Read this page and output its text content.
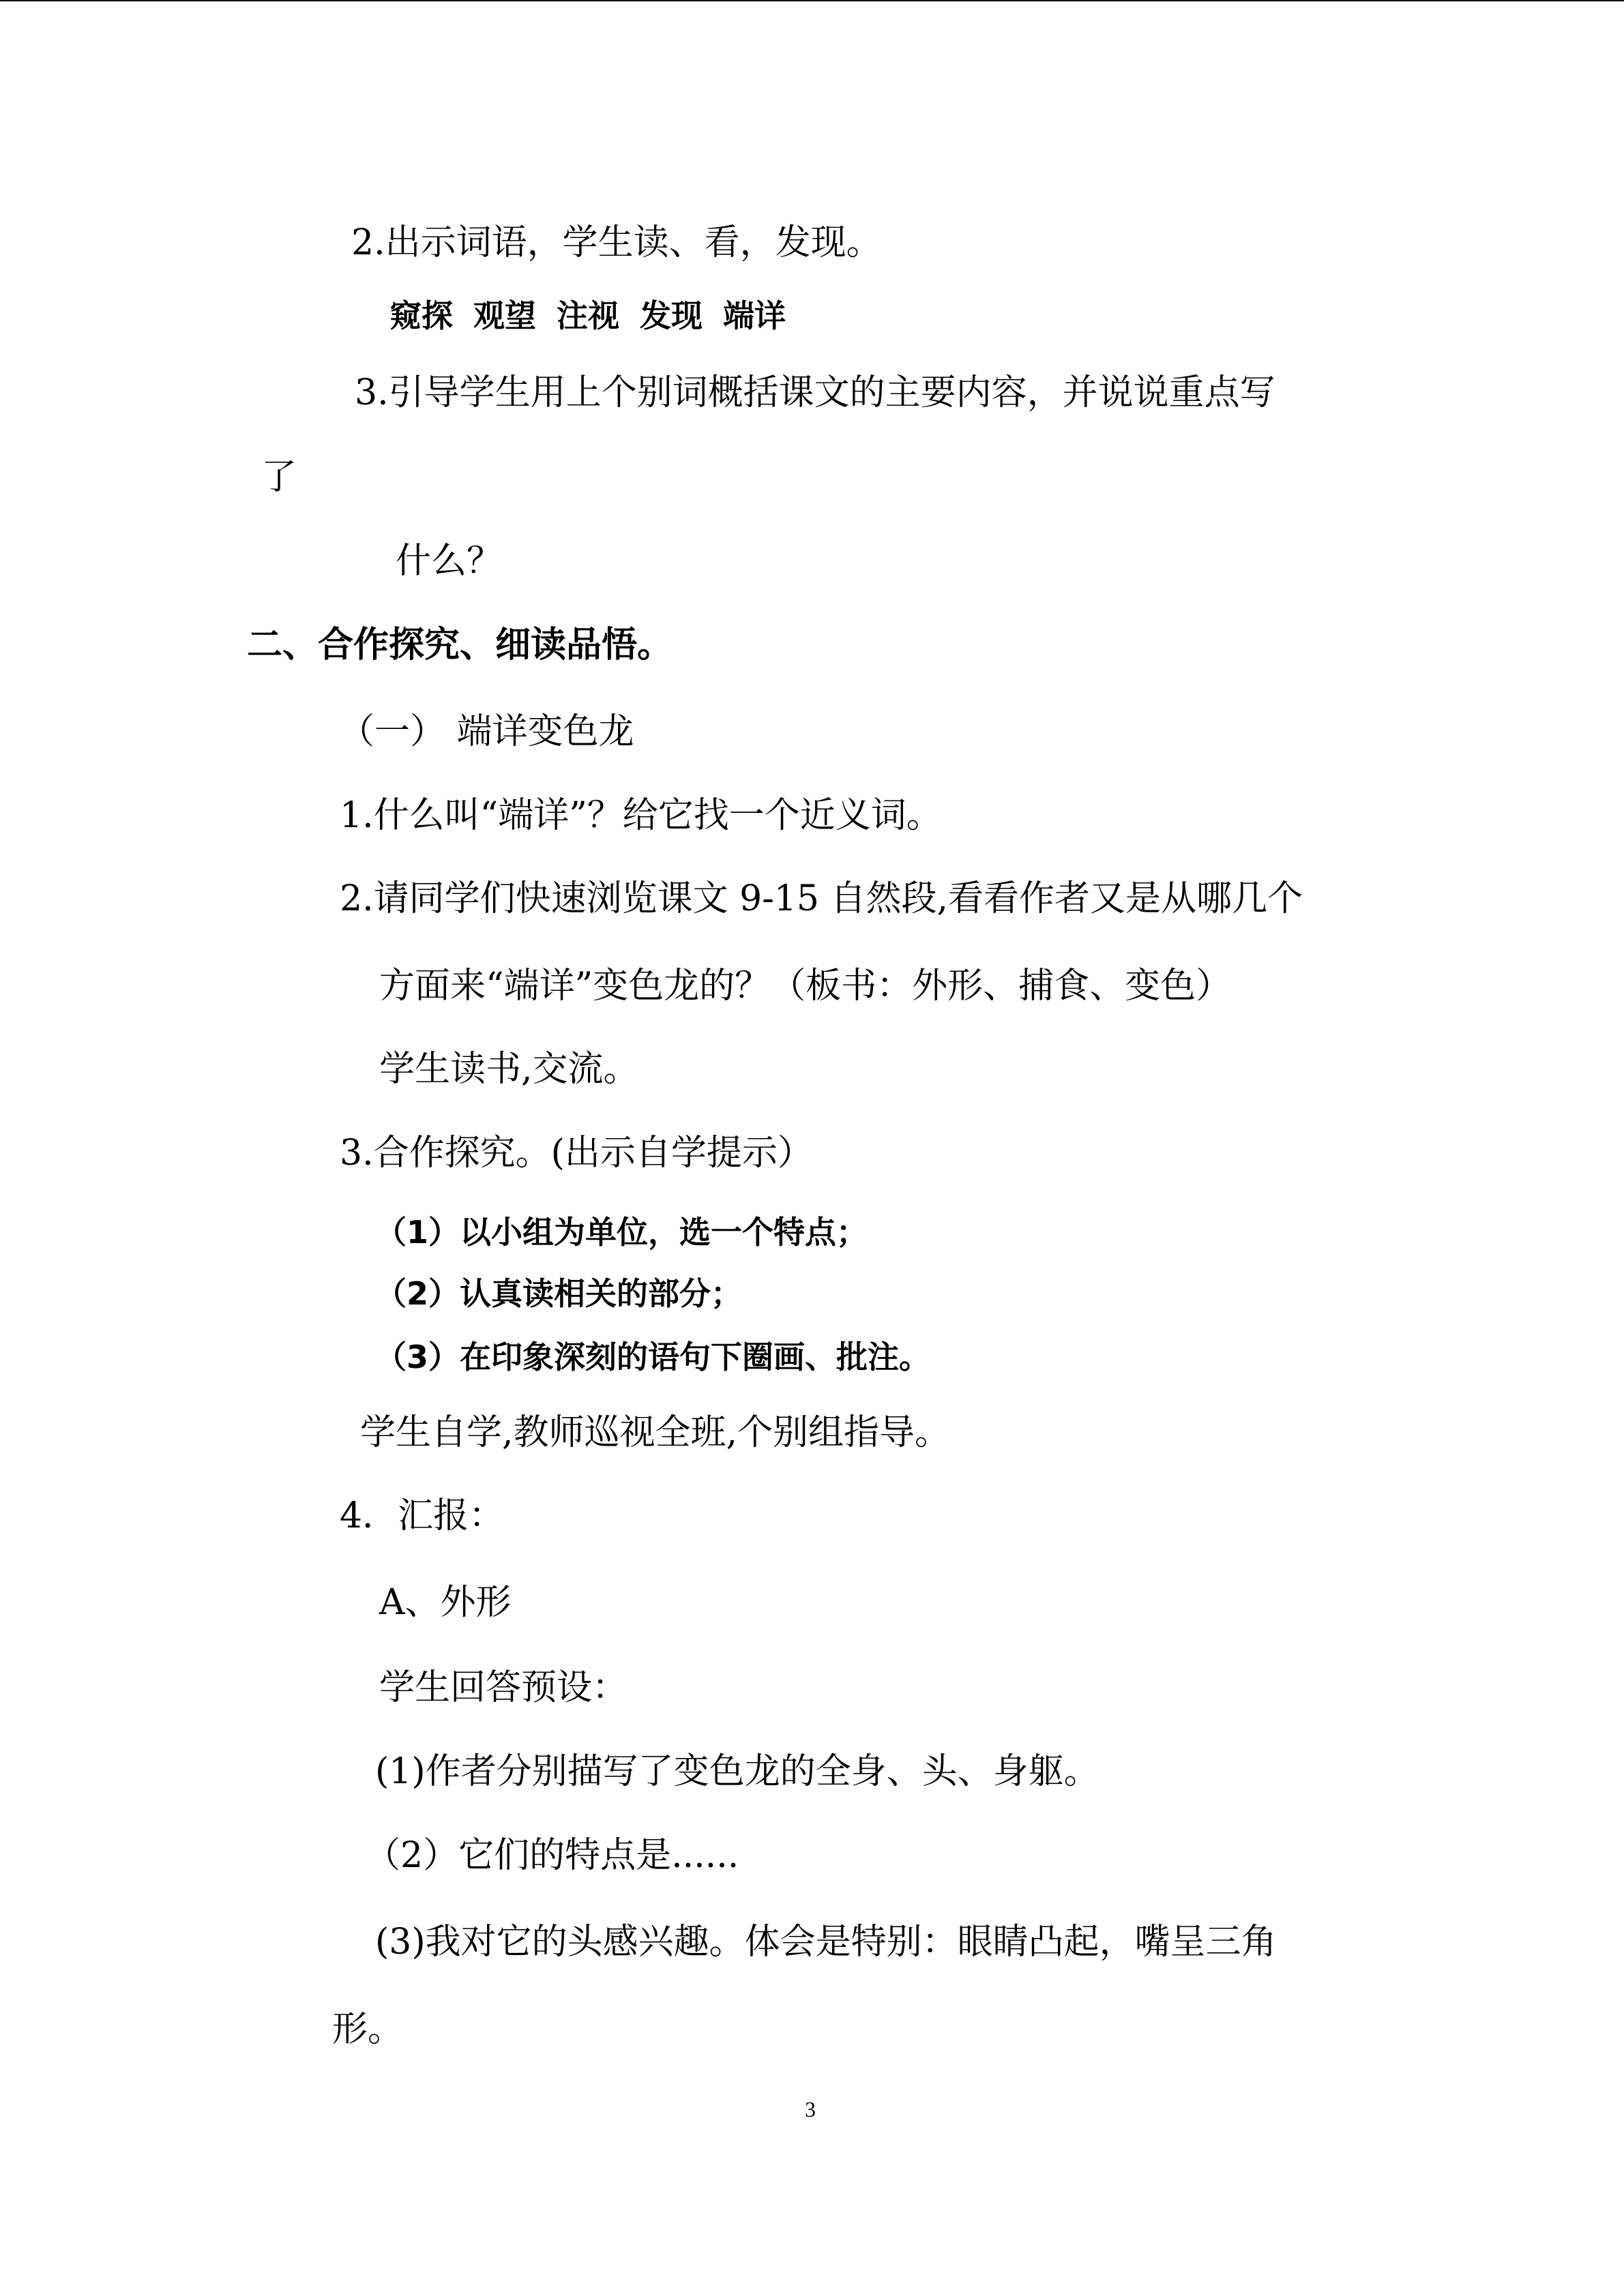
2.出示词语，学生读、看，发现。
窥探 观望 注视 发现 端详
3.引导学生用上个别词概括课文的主要内容，并说说重点写
了
什么？
二、合作探究、细读品悟。
（一） 端详变色龙
1.什么叫“端详”？给它找一个近义词。
2.请同学们快速浏览课文 9-15 自然段,看看作者又是从哪几个
方面来“端详”变色龙的？（板书：外形、捕食、变色）
学生读书,交流。
3.合作探究。(出示自学提示）
（1）以小组为单位，选一个特点；
（2）认真读相关的部分；
（3）在印象深刻的语句下圈画、批注。
学生自学,教师巡视全班,个别组指导。
4．汇报：
A、外形
学生回答预设：
(1)作者分别描写了变色龙的全身、头、身躯。
（2）它们的特点是......
(3)我对它的头感兴趣。体会是特别：眼睛凸起，嘴呈三角
形。
3
